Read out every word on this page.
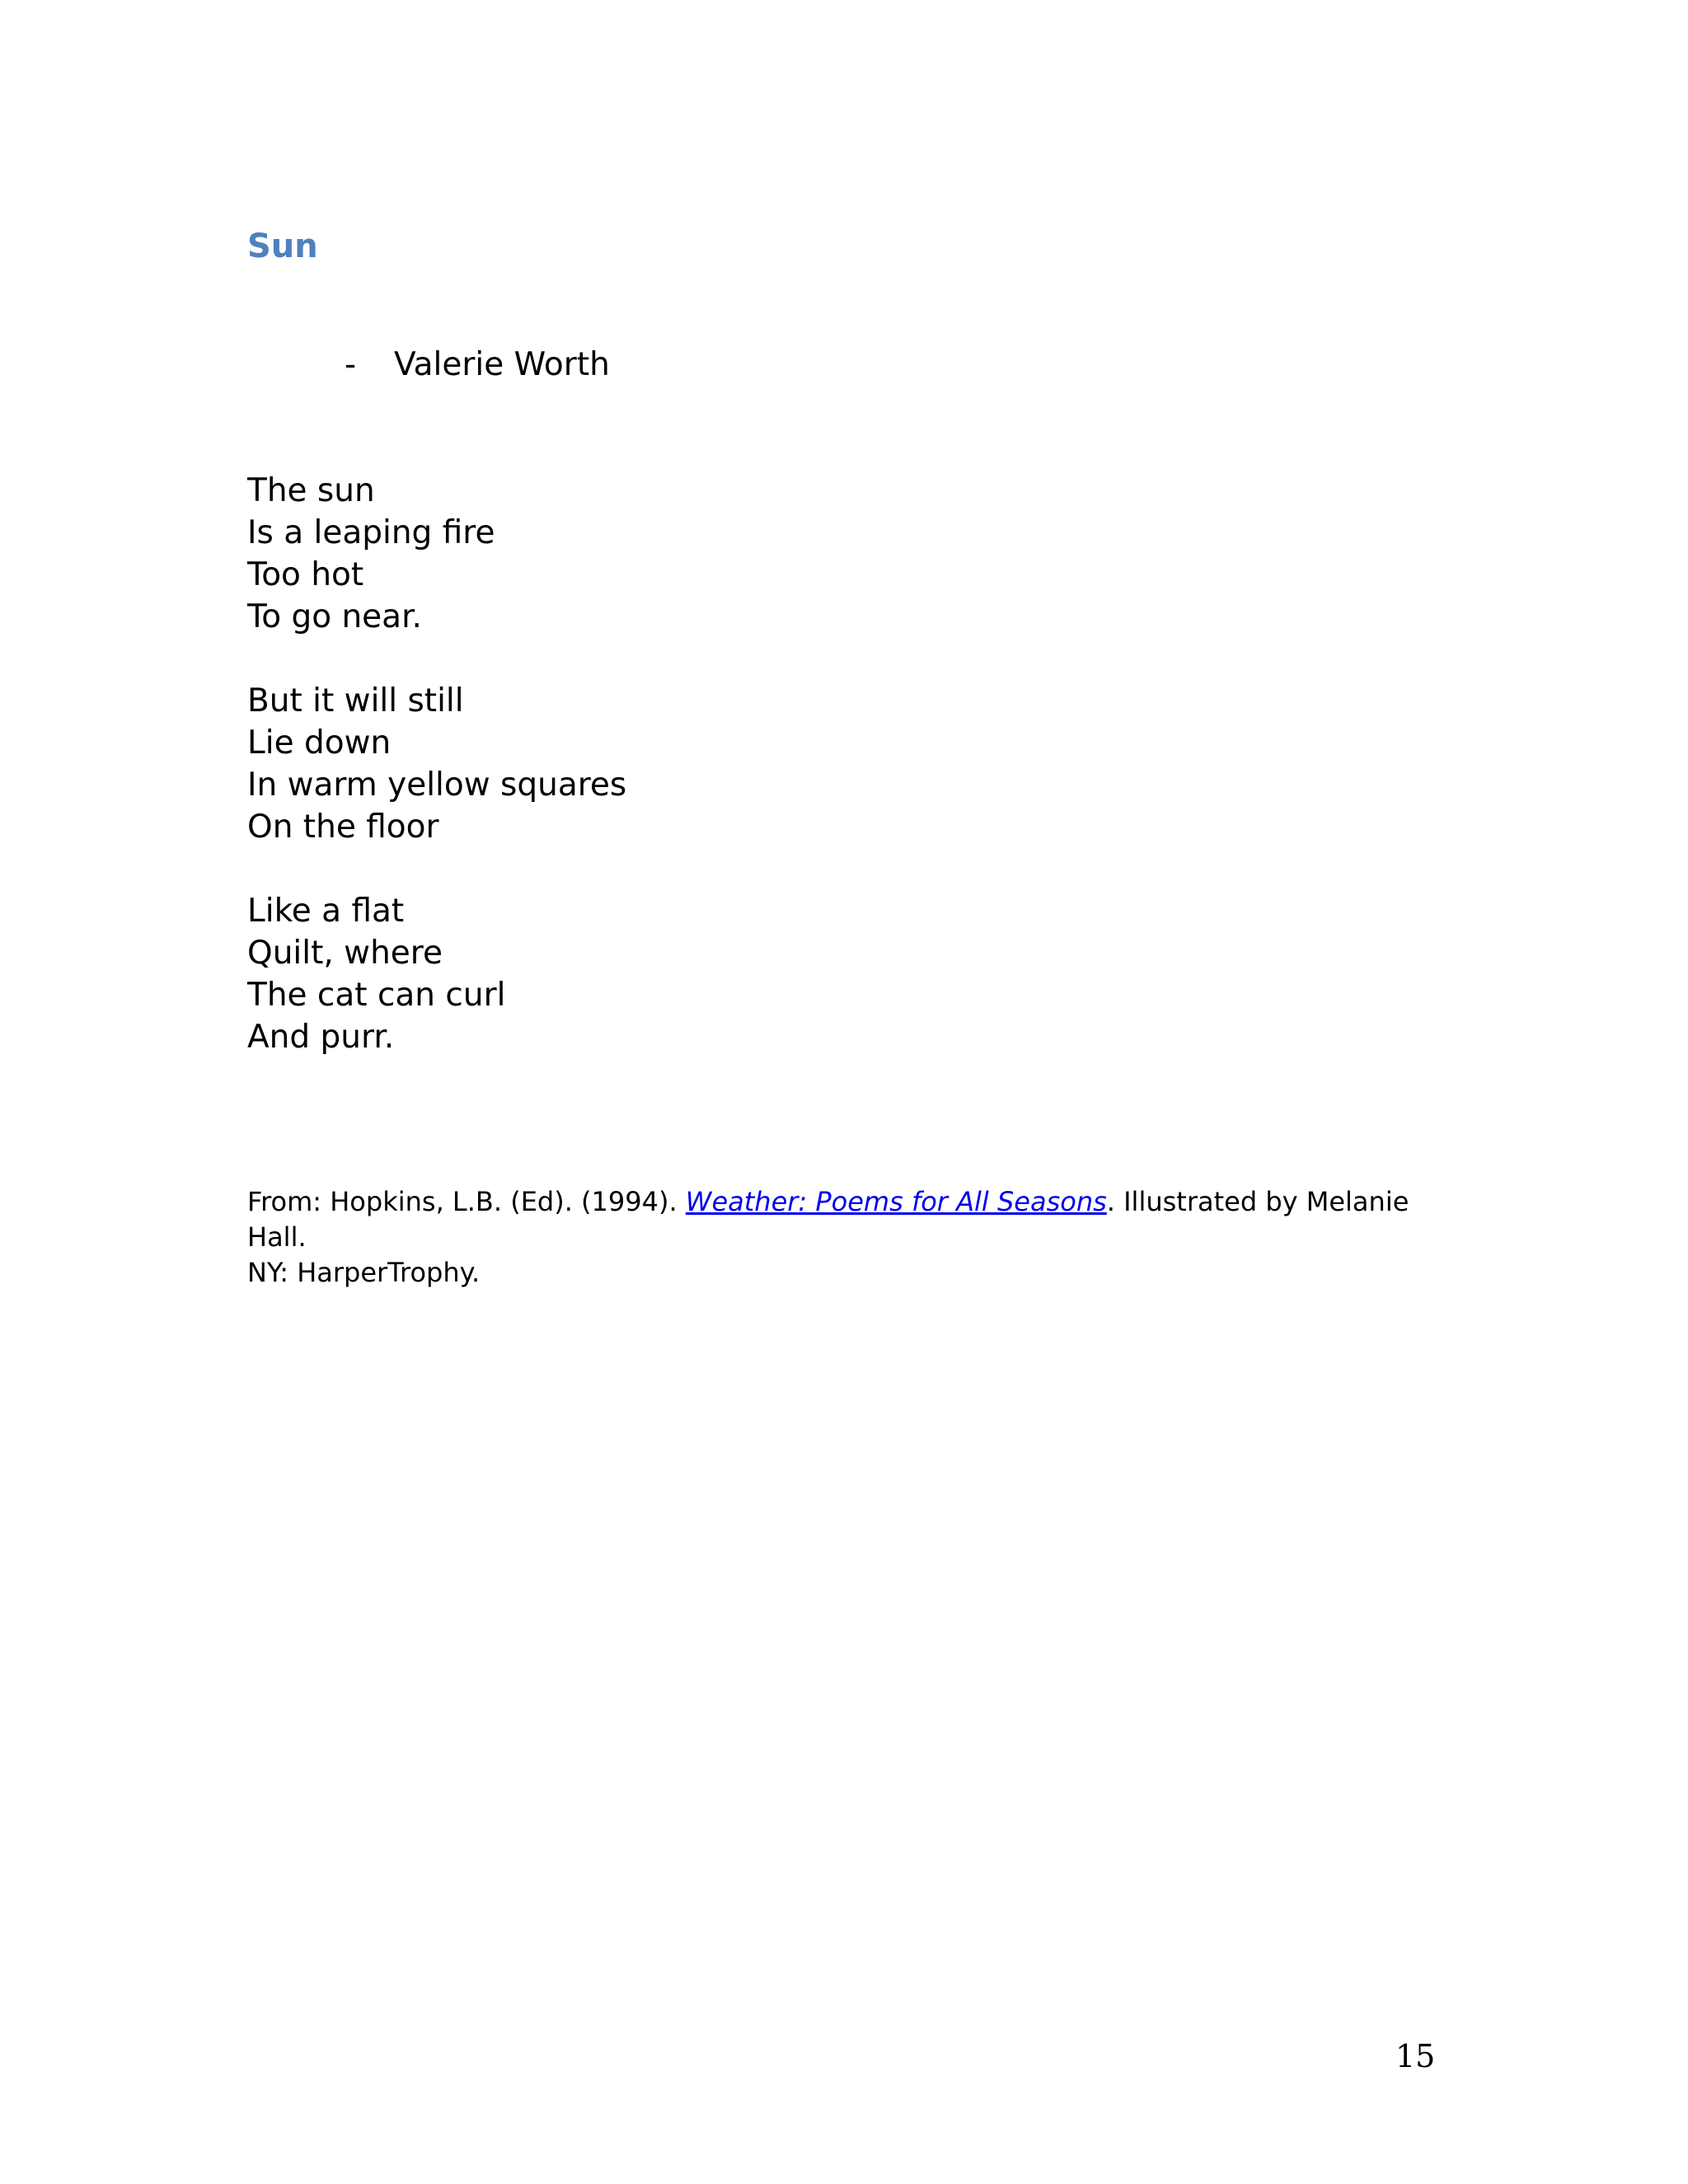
Sun
- Valerie Worth
The sun
Is a leaping fire
Too hot
To go near.
But it will still
Lie down
In warm yellow squares
On the floor
Like a flat
Quilt, where
The cat can curl
And purr.
From: Hopkins, L.B. (Ed). (1994). Weather: Poems for All Seasons. Illustrated by Melanie Hall.
NY: HarperTrophy.
15
